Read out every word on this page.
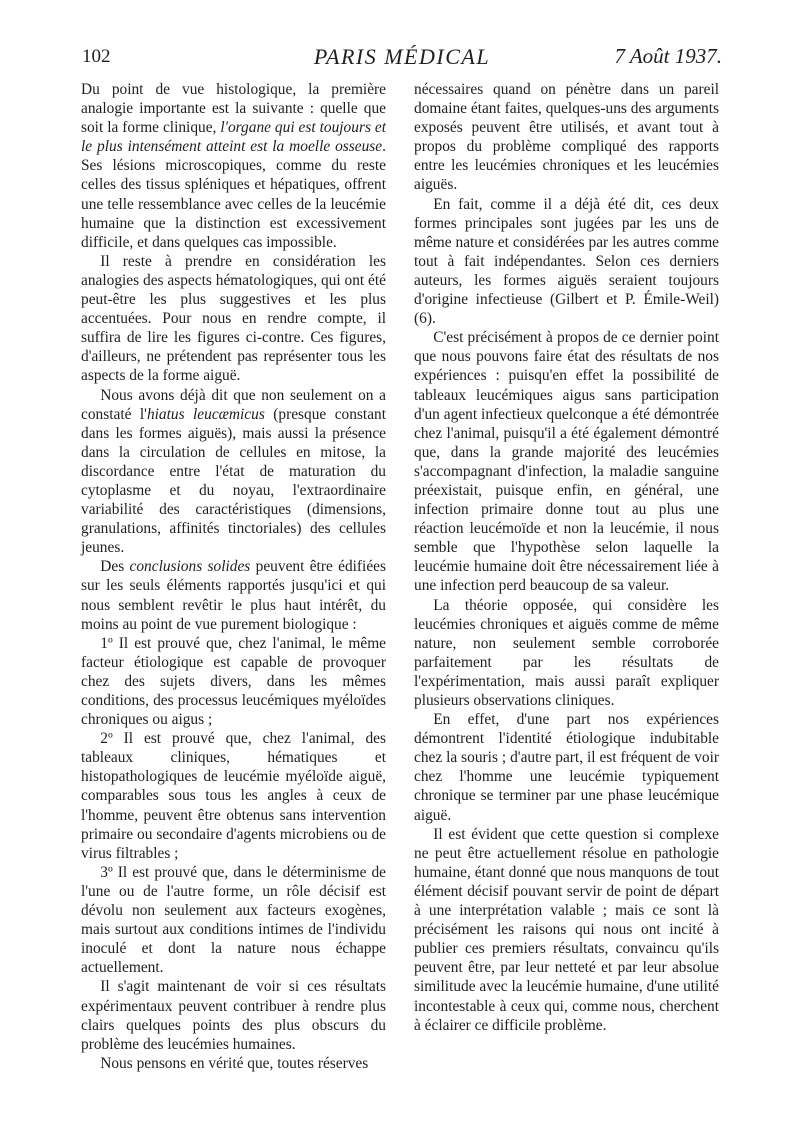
102	PARIS MÉDICAL	7 Août 1937.

Du point de vue histologique, la première analogie importante est la suivante : quelle que soit la forme clinique, l'organe qui est toujours et le plus intensément atteint est la moelle osseuse. Ses lésions microscopiques, comme du reste celles des tissus spléniques et hépatiques, offrent une telle ressemblance avec celles de la leucémie humaine que la distinction est excessivement difficile, et dans quelques cas impossible.

Il reste à prendre en considération les analogies des aspects hématologiques, qui ont été peut-être les plus suggestives et les plus accentuées. Pour nous en rendre compte, il suffira de lire les figures ci-contre. Ces figures, d'ailleurs, ne prétendent pas représenter tous les aspects de la forme aiguë.

Nous avons déjà dit que non seulement on a constaté l'hiatus leucæmicus (presque constant dans les formes aiguës), mais aussi la présence dans la circulation de cellules en mitose, la discordance entre l'état de maturation du cytoplasme et du noyau, l'extraordinaire variabilité des caractéristiques (dimensions, granulations, affinités tinctoriales) des cellules jeunes.

Des conclusions solides peuvent être édifiées sur les seuls éléments rapportés jusqu'ici et qui nous semblent revêtir le plus haut intérêt, du moins au point de vue purement biologique :

1º Il est prouvé que, chez l'animal, le même facteur étiologique est capable de provoquer chez des sujets divers, dans les mêmes conditions, des processus leucémiques myéloïdes chroniques ou aigus ;

2º Il est prouvé que, chez l'animal, des tableaux cliniques, hématiques et histopathologiques de leucémie myéloïde aiguë, comparables sous tous les angles à ceux de l'homme, peuvent être obtenus sans intervention primaire ou secondaire d'agents microbiens ou de virus filtrables ;

3º Il est prouvé que, dans le déterminisme de l'une ou de l'autre forme, un rôle décisif est dévolu non seulement aux facteurs exogènes, mais surtout aux conditions intimes de l'individu inoculé et dont la nature nous échappe actuellement.

Il s'agit maintenant de voir si ces résultats expérimentaux peuvent contribuer à rendre plus clairs quelques points des plus obscurs du problème des leucémies humaines.

Nous pensons en vérité que, toutes réserves

nécessaires quand on pénètre dans un pareil domaine étant faites, quelques-uns des arguments exposés peuvent être utilisés, et avant tout à propos du problème compliqué des rapports entre les leucémies chroniques et les leucémies aiguës.

En fait, comme il a déjà été dit, ces deux formes principales sont jugées par les uns de même nature et considérées par les autres comme tout à fait indépendantes. Selon ces derniers auteurs, les formes aiguës seraient toujours d'origine infectieuse (Gilbert et P. Émile-Weil) (6).

C'est précisément à propos de ce dernier point que nous pouvons faire état des résultats de nos expériences : puisqu'en effet la possibilité de tableaux leucémiques aigus sans participation d'un agent infectieux quelconque a été démontrée chez l'animal, puisqu'il a été également démontré que, dans la grande majorité des leucémies s'accompagnant d'infection, la maladie sanguine préexistait, puisque enfin, en général, une infection primaire donne tout au plus une réaction leucémoïde et non la leucémie, il nous semble que l'hypothèse selon laquelle la leucémie humaine doit être nécessairement liée à une infection perd beaucoup de sa valeur.

La théorie opposée, qui considère les leucémies chroniques et aiguës comme de même nature, non seulement semble corroborée parfaitement par les résultats de l'expérimentation, mais aussi paraît expliquer plusieurs observations cliniques.

En effet, d'une part nos expériences démontrent l'identité étiologique indubitable chez la souris ; d'autre part, il est fréquent de voir chez l'homme une leucémie typiquement chronique se terminer par une phase leucémique aiguë.

Il est évident que cette question si complexe ne peut être actuellement résolue en pathologie humaine, étant donné que nous manquons de tout élément décisif pouvant servir de point de départ à une interprétation valable ; mais ce sont là précisément les raisons qui nous ont incité à publier ces premiers résultats, convaincu qu'ils peuvent être, par leur netteté et par leur absolue similitude avec la leucémie humaine, d'une utilité incontestable à ceux qui, comme nous, cherchent à éclairer ce difficile problème.
